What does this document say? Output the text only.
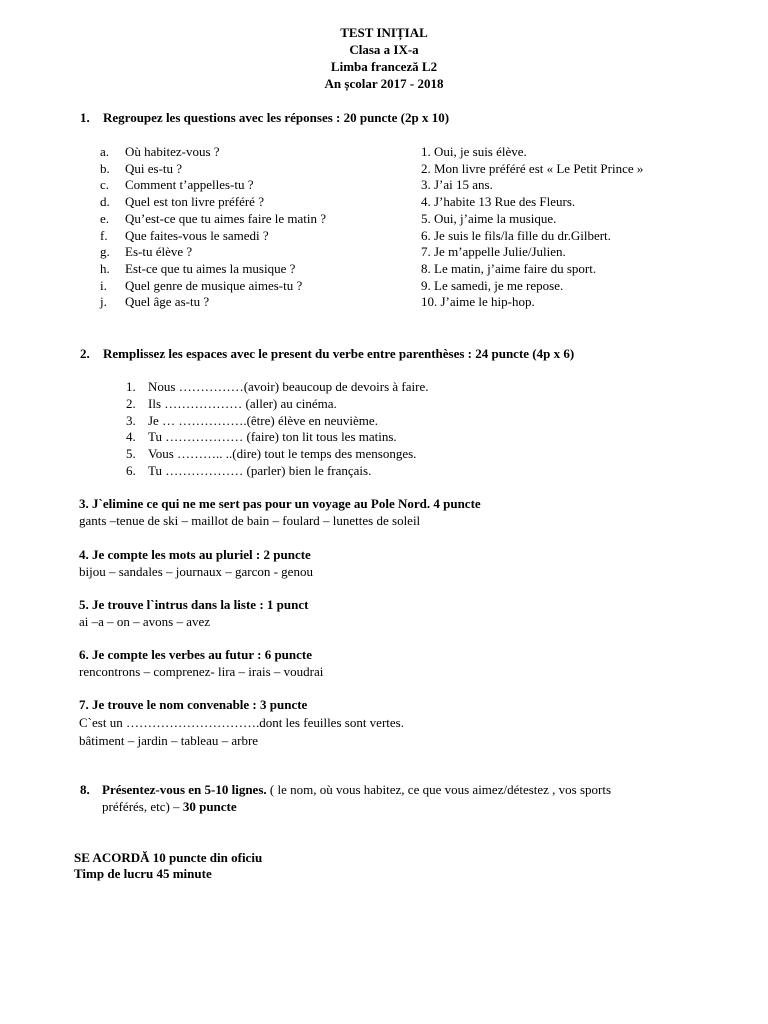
TEST INIȚIAL
Clasa a IX-a
Limba franceză L2
An școlar 2017 - 2018
1. Regroupez les questions avec les réponses : 20 puncte (2p x 10)
a. Où habitez-vous ?
b. Qui es-tu ?
c. Comment t’appelles-tu ?
d. Quel est ton livre préféré ?
e. Qu’est-ce que tu aimes faire le matin ?
f. Que faites-vous le samedi ?
g. Es-tu élève ?
h. Est-ce que tu aimes la musique ?
i. Quel genre de musique aimes-tu ?
j. Quel âge as-tu ?
1. Oui, je suis élève.
2. Mon livre préféré est « Le Petit Prince »
3. J’ai 15 ans.
4. J’habite 13 Rue des Fleurs.
5. Oui, j’aime la musique.
6. Je suis le fils/la fille du dr.Gilbert.
7. Je m’appelle Julie/Julien.
8. Le matin, j’aime faire du sport.
9. Le samedi, je me repose.
10. J’aime le hip-hop.
2. Remplissez les espaces avec le present du verbe entre parenthèses : 24 puncte (4p x 6)
1. Nous ……………(avoir) beaucoup de devoirs à faire.
2. Ils ……………… (aller) au cinéma.
3. Je … …………….(être) élève en neuvième.
4. Tu ……………… (faire) ton lit tous les matins.
5. Vous ……….. ..(dire) tout le temps des mensonges.
6. Tu ……………… (parler) bien le français.
3. J`elimine ce qui ne me sert pas pour un voyage au Pole Nord. 4 puncte
gants –tenue de ski – maillot de bain – foulard – lunettes de soleil
4. Je compte les mots au pluriel : 2 puncte
bijou – sandales – journaux – garcon - genou
5. Je trouve l`intrus dans la liste : 1 punct
ai –a – on – avons – avez
6. Je compte les verbes au futur : 6 puncte
rencontrons – comprenez- lira – irais – voudrai
7. Je trouve le nom convenable : 3 puncte
C`est un ………………………….dont les feuilles sont vertes.
bâtiment – jardin – tableau – arbre
8. Présentez-vous en 5-10 lignes. ( le nom, où vous habitez, ce que vous aimez/détestez , vos sports
préférés, etc) – 30 puncte
SE ACORDĂ 10 puncte din oficiu
Timp de lucru 45 minute
